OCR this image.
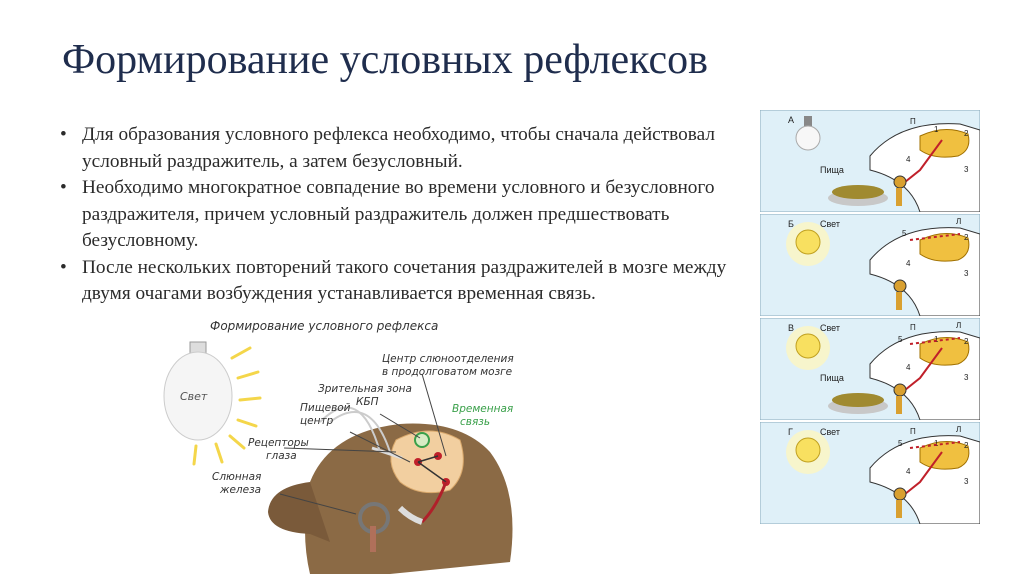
Формирование условных рефлексов
• Для образования условного рефлекса необходимо, чтобы сначала действовал условный раздражитель, а затем безусловный.
• Необходимо многократное совпадение во времени условного и безусловного раздражителя, причем условный раздражитель должен предшествовать безусловному.
• После нескольких повторений такого сочетания раздражителей в мозге между двумя очагами возбуждения устанавливается временная связь.
Формирование условного рефлекса
Свет
Центр слюноотделения
в продолговатом мозге
Зрительная зона
КБП
Пищевой
центр
Временная
связь
Рецепторы
глаза
Слюнная
железа
А
Пища
П
1	2
3
4
Б	Свет	Л
5	2
3
4
В	Свет
Пища
П	Л
5	1	2
3
4
Г	Свет	П	Л
5	1	2
3
4
